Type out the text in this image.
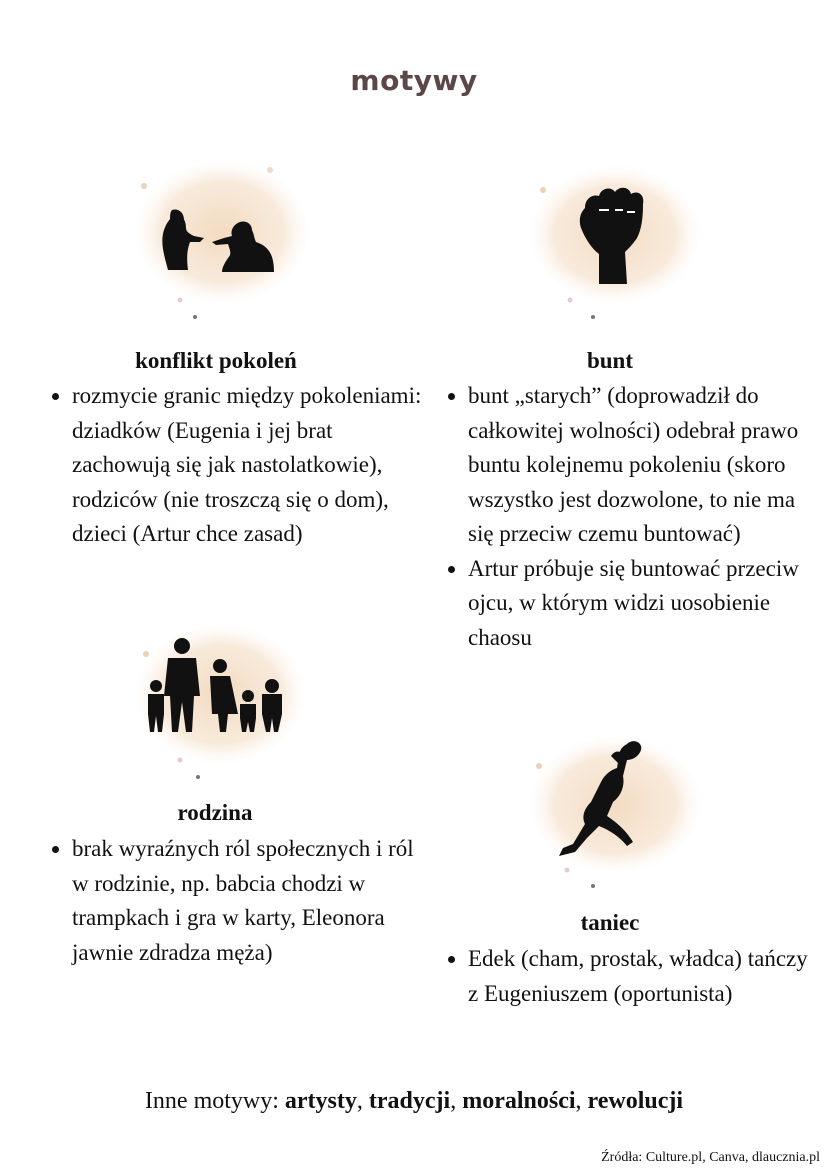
motywy
konflikt pokoleń
rozmycie granic między pokoleniami: dziadków (Eugenia i jej brat zachowują się jak nastolatkowie), rodziców (nie troszczą się o dom), dzieci (Artur chce zasad)
bunt
bunt „starych” (doprowadził do całkowitej wolności) odebrał prawo buntu kolejnemu pokoleniu (skoro wszystko jest dozwolone, to nie ma się przeciw czemu buntować)
Artur próbuje się buntować przeciw ojcu, w którym widzi uosobienie chaosu
rodzina
brak wyraźnych ról społecznych i ról w rodzinie, np. babcia chodzi w trampkach i gra w karty, Eleonora jawnie zdradza męża)
taniec
Edek (cham, prostak, władca) tańczy z Eugeniuszem (oportunista)
Inne motywy: artysty, tradycji, moralności, rewolucji
Źródła: Culture.pl, Canva, dlaucznia.pl
